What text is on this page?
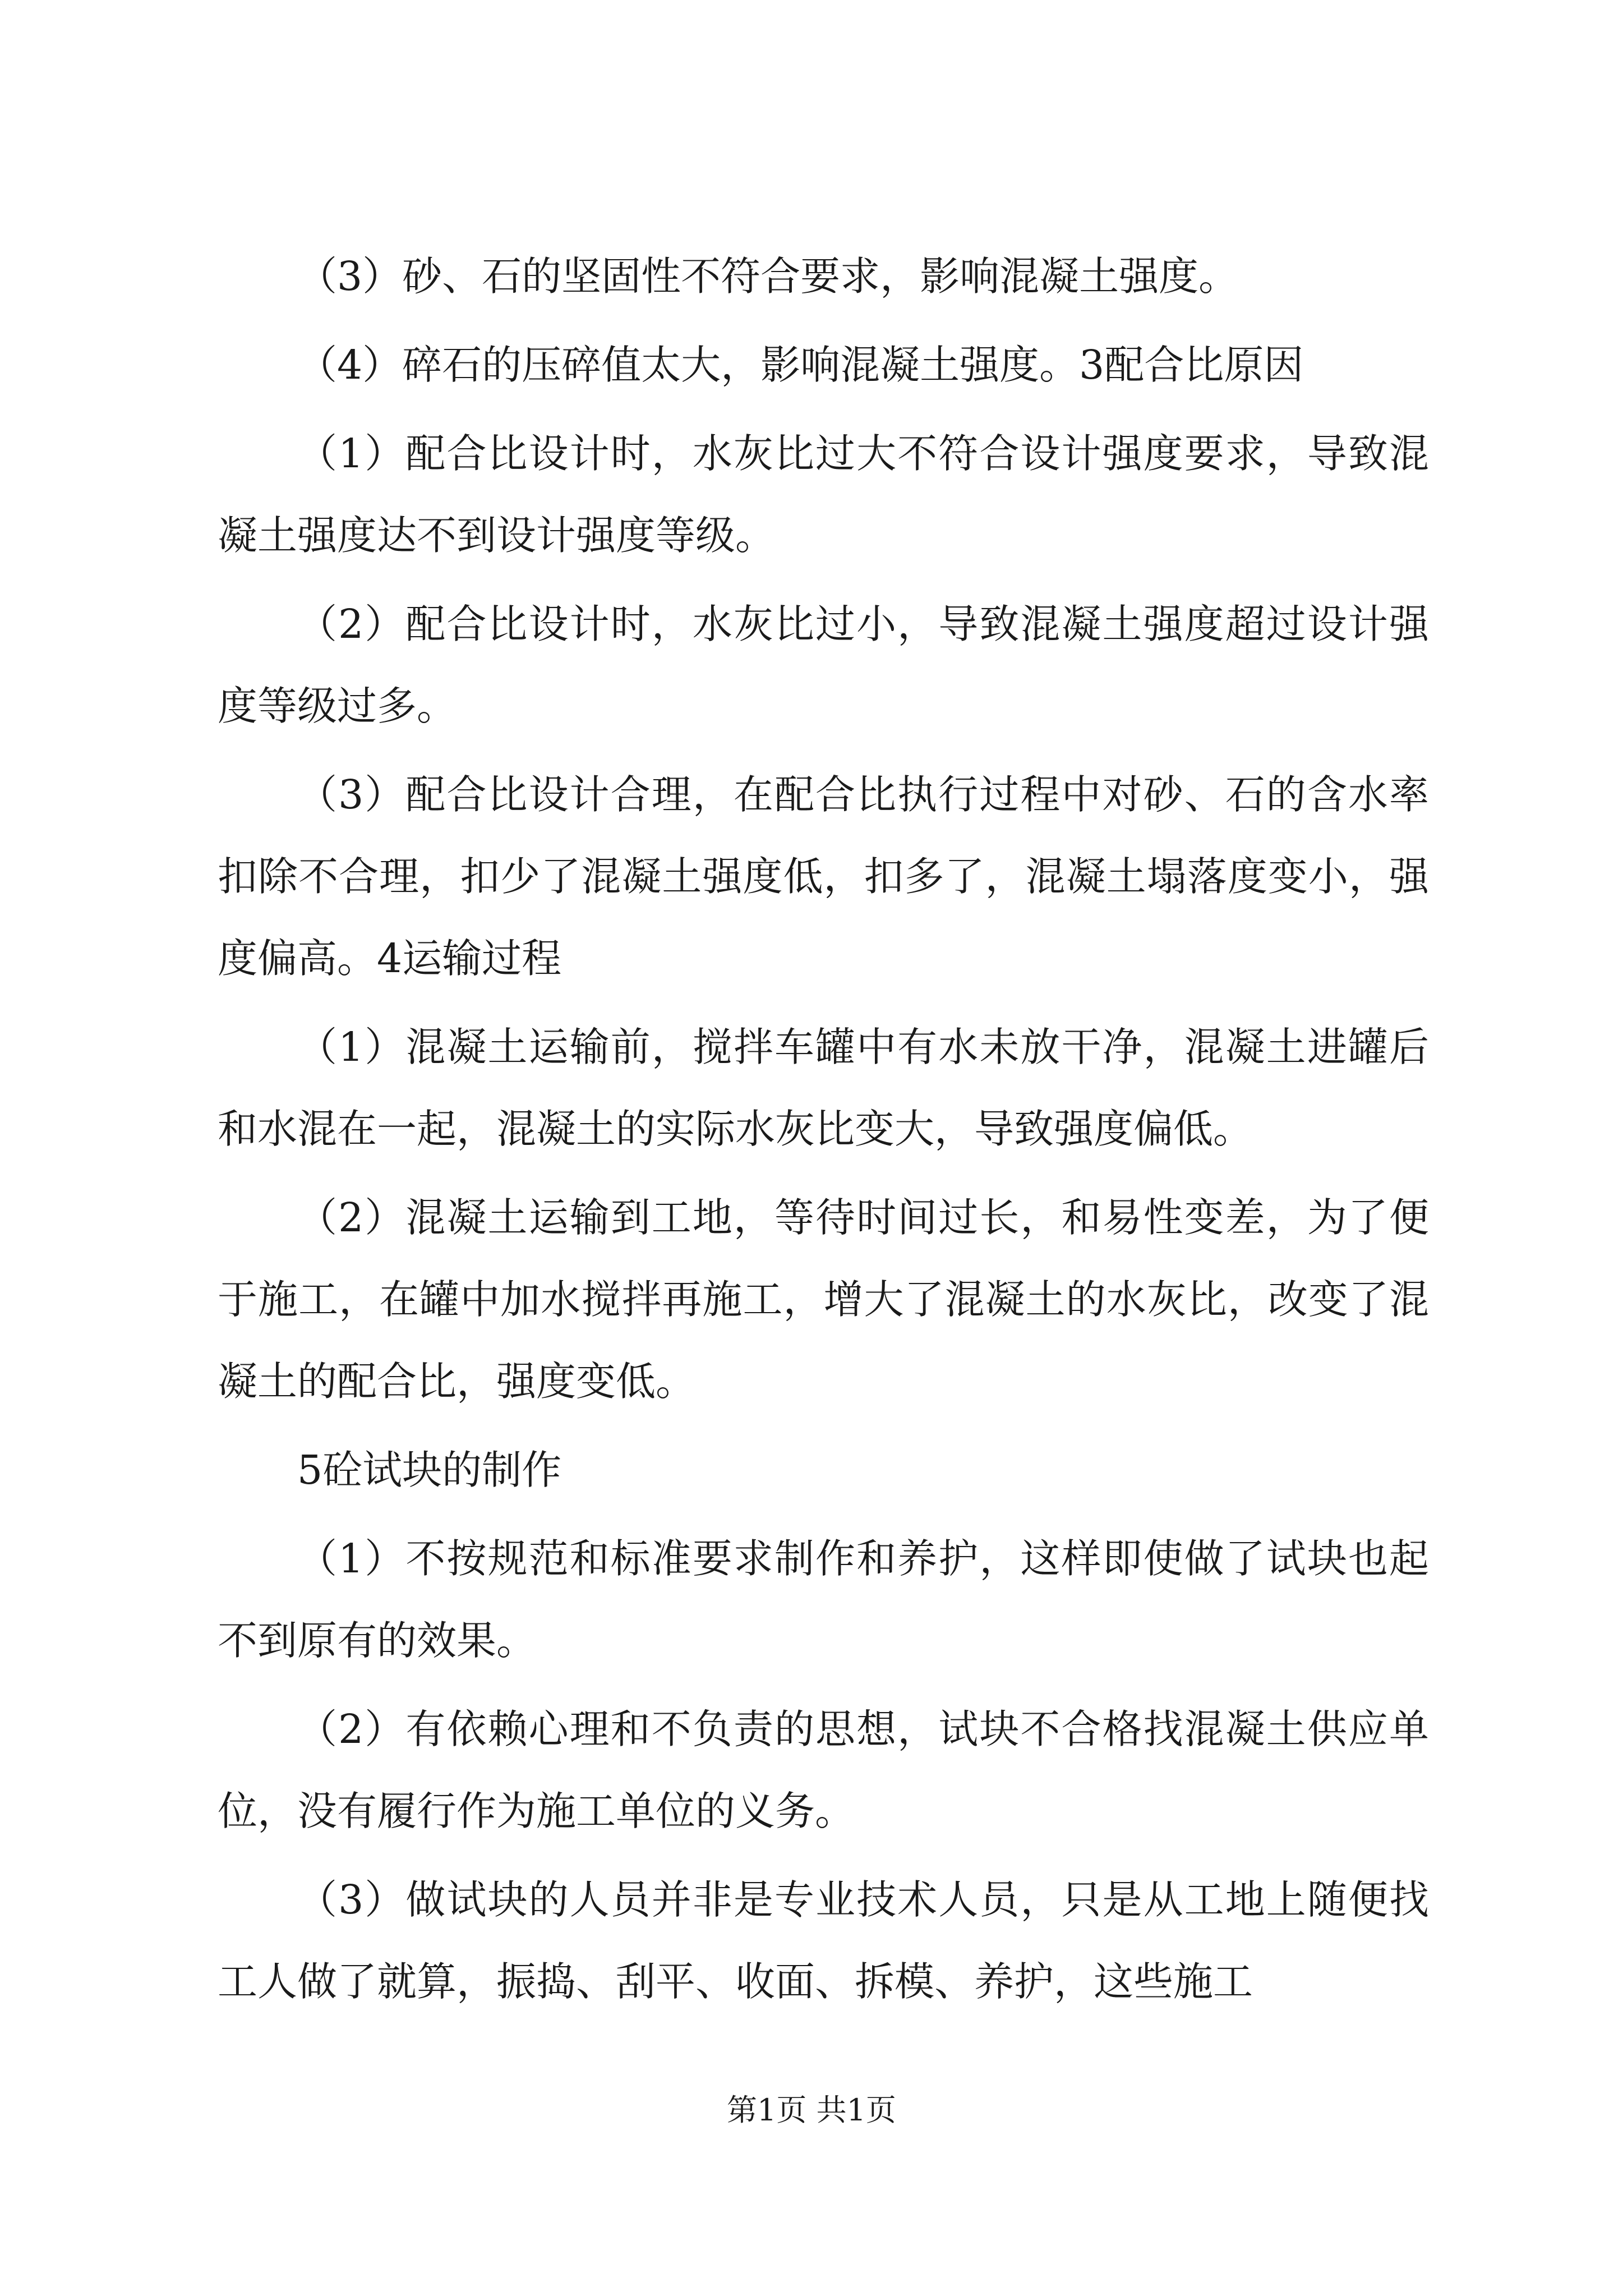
（3）砂、石的坚固性不符合要求，影响混凝土强度。

（4）碎石的压碎值太大，影响混凝土强度。3配合比原因

（1）配合比设计时，水灰比过大不符合设计强度要求，导致混凝土强度达不到设计强度等级。

（2）配合比设计时，水灰比过小，导致混凝土强度超过设计强度等级过多。

（3）配合比设计合理，在配合比执行过程中对砂、石的含水率扣除不合理，扣少了混凝土强度低，扣多了，混凝土塌落度变小，强度偏高。4运输过程

（1）混凝土运输前，搅拌车罐中有水未放干净，混凝土进罐后和水混在一起，混凝土的实际水灰比变大，导致强度偏低。

（2）混凝土运输到工地，等待时间过长，和易性变差，为了便于施工，在罐中加水搅拌再施工，增大了混凝土的水灰比，改变了混凝土的配合比，强度变低。

5砼试块的制作

（1）不按规范和标准要求制作和养护，这样即使做了试块也起不到原有的效果。

（2）有依赖心理和不负责的思想，试块不合格找混凝土供应单位，没有履行作为施工单位的义务。

（3）做试块的人员并非是专业技术人员，只是从工地上随便找工人做了就算，振捣、刮平、收面、拆模、养护，这些施工

第1页 共1页
